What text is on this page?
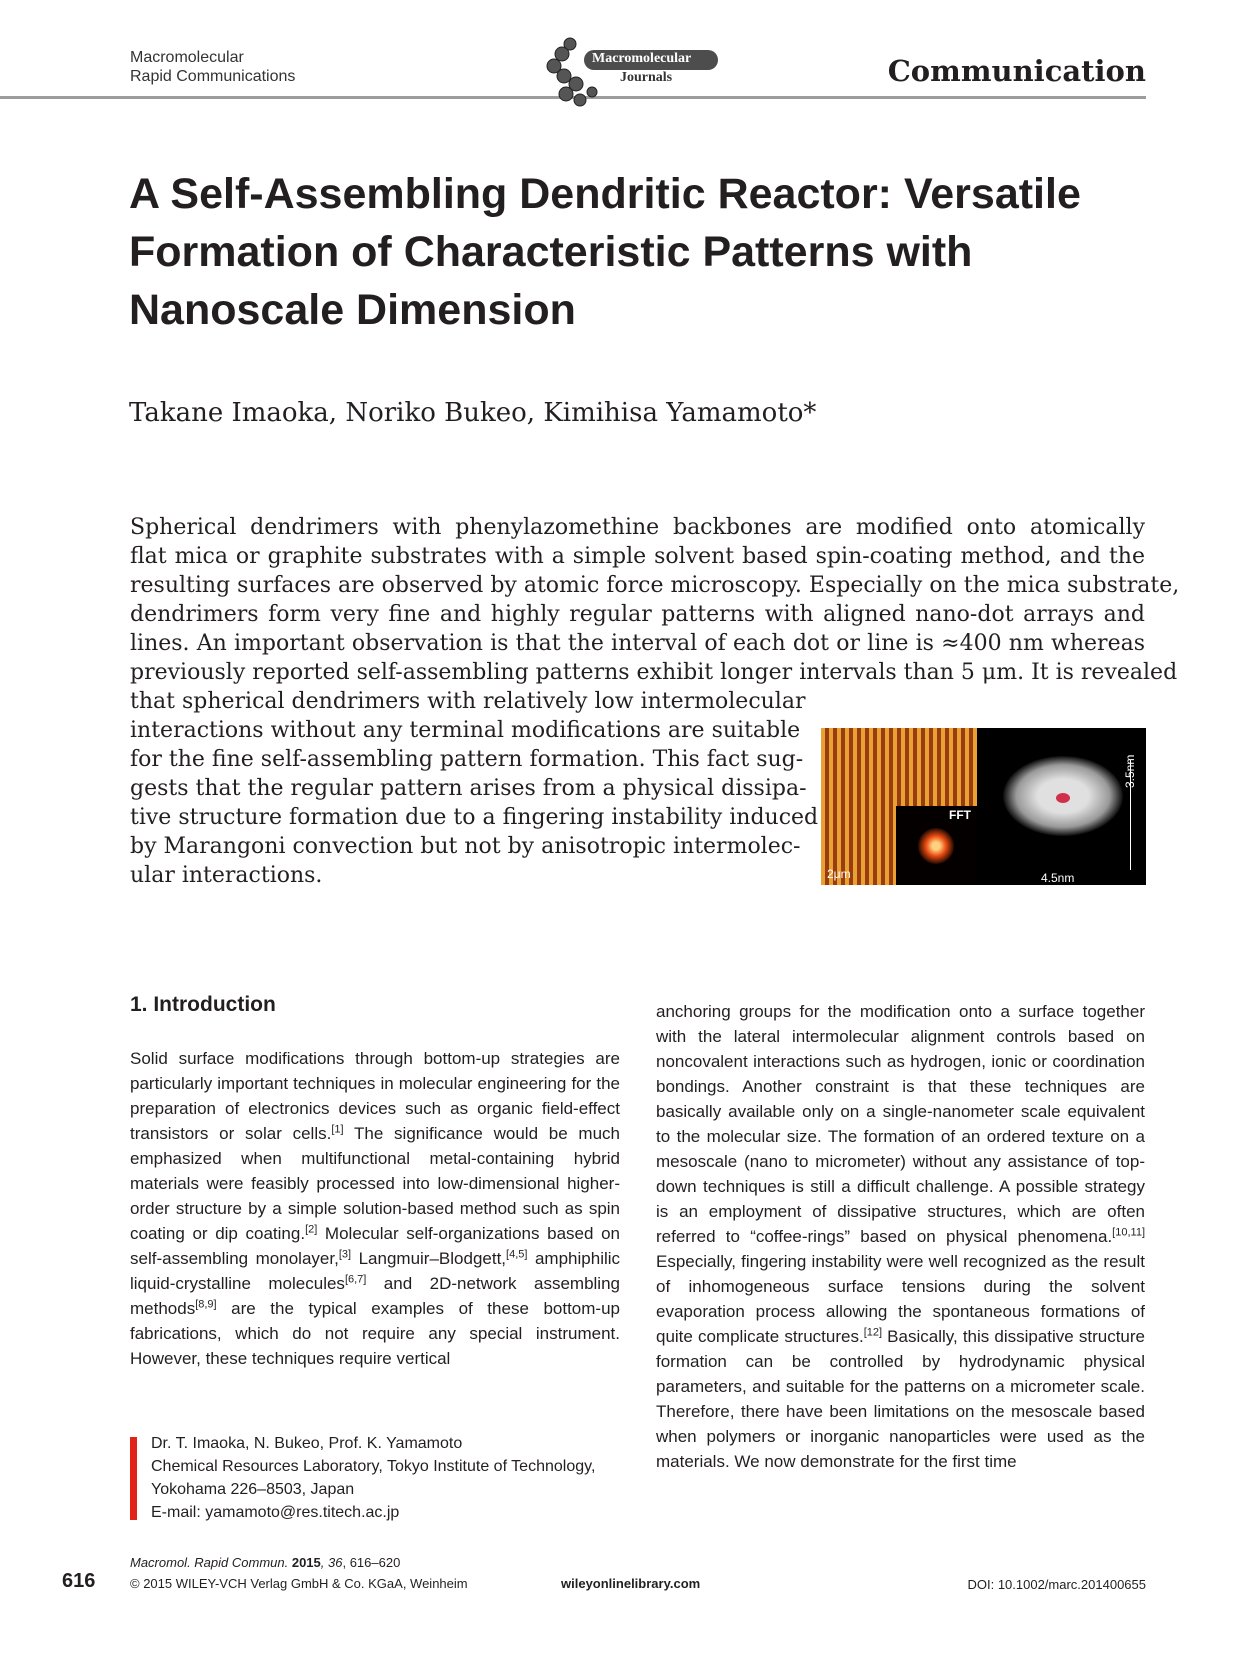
Macromolecular
Rapid Communications
Macromolecular
Journals	Communication
A Self-Assembling Dendritic Reactor: Versatile Formation of Characteristic Patterns with Nanoscale Dimension
Takane Imaoka, Noriko Bukeo, Kimihisa Yamamoto*
Spherical dendrimers with phenylazomethine backbones are modified onto atomically
flat mica or graphite substrates with a simple solvent based spin-coating method, and the
resulting surfaces are observed by atomic force microscopy. Especially on the mica substrate,
dendrimers form very fine and highly regular patterns with aligned nano-dot arrays and
lines. An important observation is that the interval of each dot or line is ≈400 nm whereas
previously reported self-assembling patterns exhibit longer intervals than 5 μm. It is revealed
that spherical dendrimers with relatively low intermolecular
interactions without any terminal modifications are suitable
for the fine self-assembling pattern formation. This fact sug-
gests that the regular pattern arises from a physical dissipa-
tive structure formation due to a fingering instability induced
by Marangoni convection but not by anisotropic intermolec-
ular interactions.
FFT
2μm	4.5nm
3.5nm
1. Introduction
Solid surface modifications through bottom-up strategies are particularly important techniques in molecular engineering for the preparation of electronics devices such as organic field-effect transistors or solar cells.[1] The significance would be much emphasized when multifunctional metal-containing hybrid materials were feasibly processed into low-dimensional higher-order structure by a simple solution-based method such as spin coating or dip coating.[2] Molecular self-organizations based on self-assembling monolayer,[3] Langmuir–Blodgett,[4,5] amphiphilic liquid-crystalline molecules[6,7] and 2D-network assembling methods[8,9] are the typical examples of these bottom-up fabrications, which do not require any special instrument. However, these techniques require vertical
anchoring groups for the modification onto a surface together with the lateral intermolecular alignment controls based on noncovalent interactions such as hydrogen, ionic or coordination bondings. Another constraint is that these techniques are basically available only on a single-nanometer scale equivalent to the molecular size. The formation of an ordered texture on a mesoscale (nano to micrometer) without any assistance of top-down techniques is still a difficult challenge. A possible strategy is an employment of dissipative structures, which are often referred to “coffee-rings” based on physical phenomena.[10,11] Especially, fingering instability were well recognized as the result of inhomogeneous surface tensions during the solvent evaporation process allowing the spontaneous formations of quite complicate structures.[12] Basically, this dissipative structure formation can be controlled by hydrodynamic physical parameters, and suitable for the patterns on a micrometer scale. Therefore, there have been limitations on the mesoscale based when polymers or inorganic nanoparticles were used as the materials. We now demonstrate for the first time
Dr. T. Imaoka, N. Bukeo, Prof. K. Yamamoto
Chemical Resources Laboratory, Tokyo Institute of Technology,
Yokohama 226–8503, Japan
E-mail: yamamoto@res.titech.ac.jp
616
Macromol. Rapid Commun. 2015, 36, 616–620
© 2015 WILEY-VCH Verlag GmbH & Co. KGaA, Weinheim	wileyonlinelibrary.com	DOI: 10.1002/marc.201400655
